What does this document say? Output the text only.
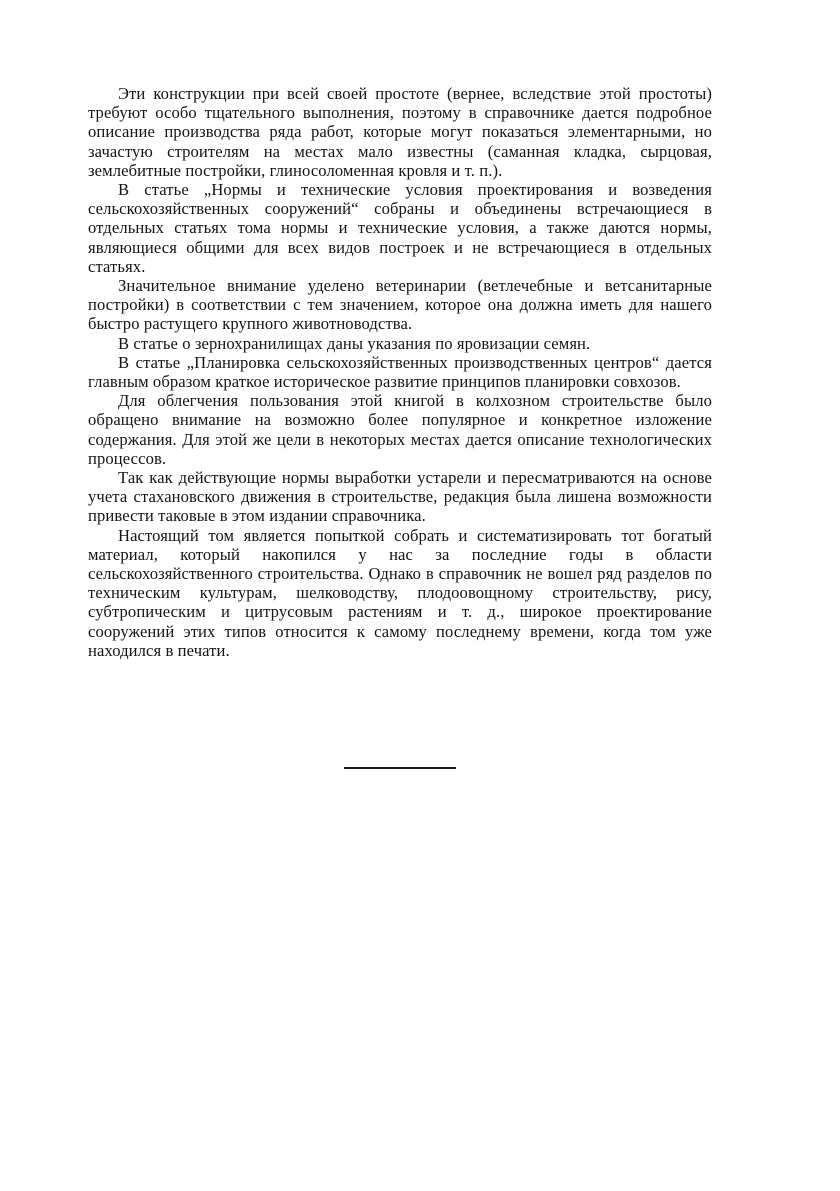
Эти конструкции при всей своей простоте (вернее, вследствие этой простоты) требуют особо тщательного выполнения, поэтому в справочнике дается подробное описание производства ряда работ, которые могут показаться элементарными, но зачастую строителям на местах мало известны (саманная кладка, сырцовая, землебитные постройки, глиносоломенная кровля и т. п.).

В статье „Нормы и технические условия проектирования и возведения сельскохозяйственных сооружений“ собраны и объединены встречающиеся в отдельных статьях тома нормы и технические условия, а также даются нормы, являющиеся общими для всех видов построек и не встречающиеся в отдельных статьях.

Значительное внимание уделено ветеринарии (ветлечебные и ветсанитарные постройки) в соответствии с тем значением, которое она должна иметь для нашего быстро растущего крупного животноводства.

В статье о зернохранилищах даны указания по яровизации семян.

В статье „Планировка сельскохозяйственных производственных центров“ дается главным образом краткое историческое развитие принципов планировки совхозов.

Для облегчения пользования этой книгой в колхозном строительстве было обращено внимание на возможно более популярное и конкретное изложение содержания. Для этой же цели в некоторых местах дается описание технологических процессов.

Так как действующие нормы выработки устарели и пересматриваются на основе учета стахановского движения в строительстве, редакция была лишена возможности привести таковые в этом издании справочника.

Настоящий том является попыткой собрать и систематизировать тот богатый материал, который накопился у нас за последние годы в области сельскохозяйственного строительства. Однако в справочник не вошел ряд разделов по техническим культурам, шелководству, плодоовощному строительству, рису, субтропическим и цитрусовым растениям и т. д., широкое проектирование сооружений этих типов относится к самому последнему времени, когда том уже находился в печати.
